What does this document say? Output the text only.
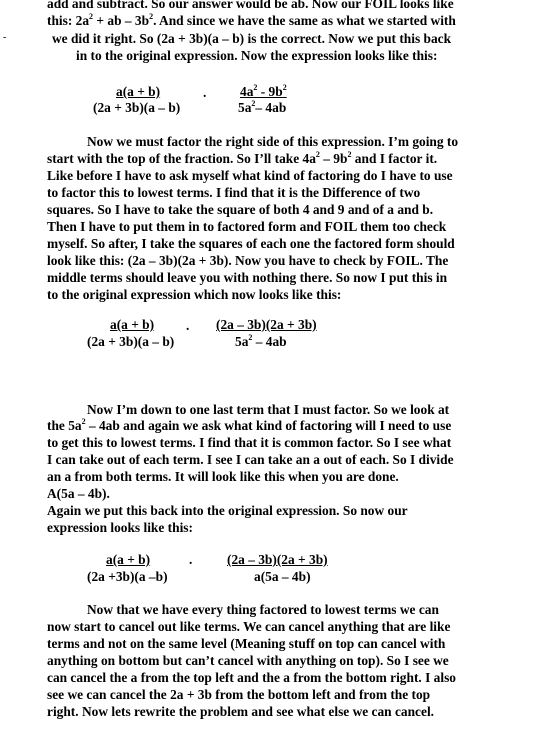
-
add and subtract. So our answer would be ab. Now our FOIL looks like
this: $2a^2$ + ab – $3b^2$. And since we have the same as what we started with
we did it right. So (2a + 3b)(a – b) is the correct. Now we put this back
in to the original expression. Now the expression looks like this:
a(a + b)
(2a + 3b)(a – b)
.	$4a^2 - 9b^2$
$5a^2-$ 4ab
Now we must factor the right side of this expression. I’m going to
start with the top of the fraction. So I’ll take $4a^2 - 9b^2$ and I factor it.
Like before I have to ask myself what kind of factoring do I have to use
to factor this to lowest terms. I find that it is the Difference of two
squares. So I have to take the square of both 4 and 9 and of a and b.
Then I have to put them in to factored form and FOIL them too check
myself. So after, I take the squares of each one the factored form should
look like this: (2a – 3b)(2a + 3b). Now you have to check by FOIL. The
middle terms should leave you with nothing there. So now I put this in
to the original expression which now looks like this:
a(a + b)
(2a + 3b)(a – b)
. (2a – 3b)(2a + 3b)
$5a^2 - 4ab$
Now I’m down to one last term that I must factor. So we look at
the $5a^2 - 4ab$ and again we ask what kind of factoring will I need to use
to get this to lowest terms. I find that it is common factor. So I see what
I can take out of each term. I see I can take an a out of each. So I divide
an a from both terms. It will look like this when you are done.
A(5a – 4b).
Again we put this back into the original expression. So now our
expression looks like this:
a(a + b)
(2a +3b)(a –b)
.	(2a – 3b)(2a + 3b)
a(5a – 4b)
Now that we have every thing factored to lowest terms we can
now start to cancel out like terms. We can cancel anything that are like
terms and not on the same level (Meaning stuff on top can cancel with
anything on bottom but can’t cancel with anything on top). So I see we
can cancel the a from the top left and the a from the bottom right. I also
see we can cancel the 2a + 3b from the bottom left and from the top
right. Now lets rewrite the problem and see what else we can cancel.
